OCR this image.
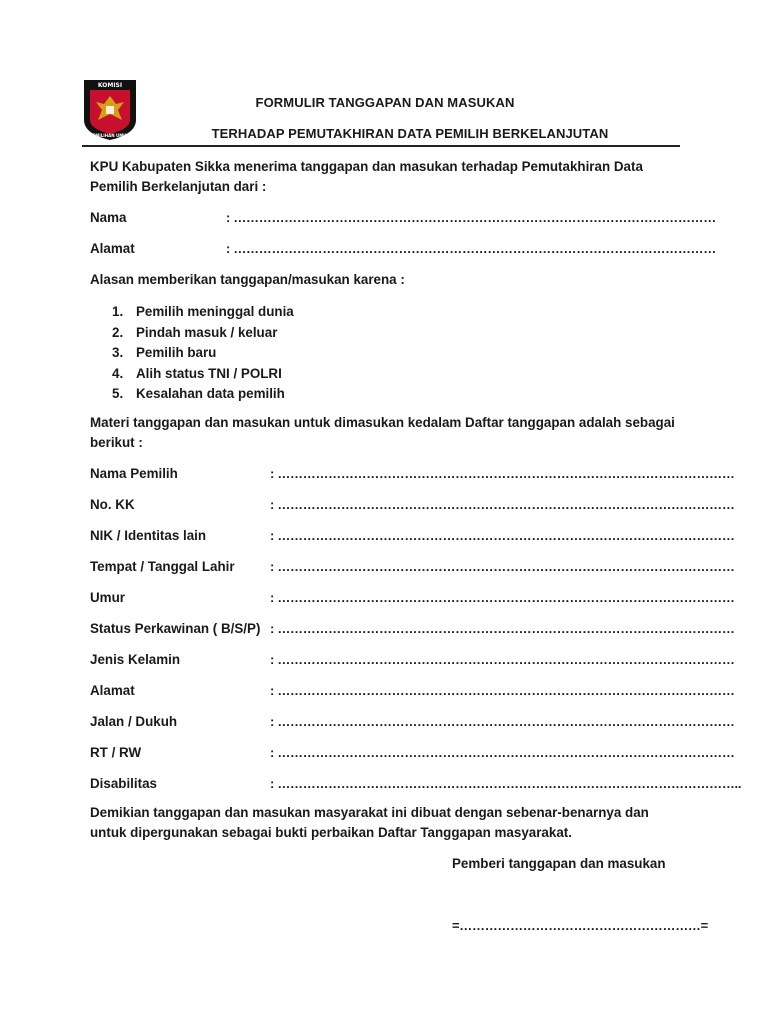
KOMISI
PEMILIHAN UMUM
FORMULIR TANGGAPAN DAN MASUKAN
TERHADAP PEMUTAKHIRAN DATA PEMILIH BERKELANJUTAN
KPU Kabupaten Sikka menerima tanggapan dan masukan terhadap Pemutakhiran Data Pemilih Berkelanjutan dari :
Nama	: ……………………………………………………………………………………………………
Alamat	: ……………………………………………………………………………………………………
Alasan memberikan tanggapan/masukan karena :
1. Pemilih meninggal dunia
2. Pindah masuk / keluar
3. Pemilih baru
4. Alih status TNI / POLRI
5. Kesalahan data pemilih
Materi tanggapan dan masukan untuk dimasukan kedalam Daftar tanggapan adalah sebagai berikut :
Nama Pemilih	: ………………………………………………………………………………………………
No. KK	: ………………………………………………………………………………………………
NIK / Identitas lain	: ………………………………………………………………………………………………
Tempat / Tanggal Lahir	: ………………………………………………………………………………………………
Umur	: ………………………………………………………………………………………………
Status Perkawinan ( B/S/P) : ………………………………………………………………………………………………
Jenis Kelamin	: ………………………………………………………………………………………………
Alamat	: ………………………………………………………………………………………………
Jalan / Dukuh	: ………………………………………………………………………………………………
RT / RW	: ………………………………………………………………………………………………
Disabilitas	: ………………………………………………………………………………………………..
Demikian tanggapan dan masukan masyarakat ini dibuat dengan sebenar-benarnya dan untuk dipergunakan sebagai bukti perbaikan Daftar Tanggapan masyarakat.
Pemberi tanggapan dan masukan
=…………………………………………………=
